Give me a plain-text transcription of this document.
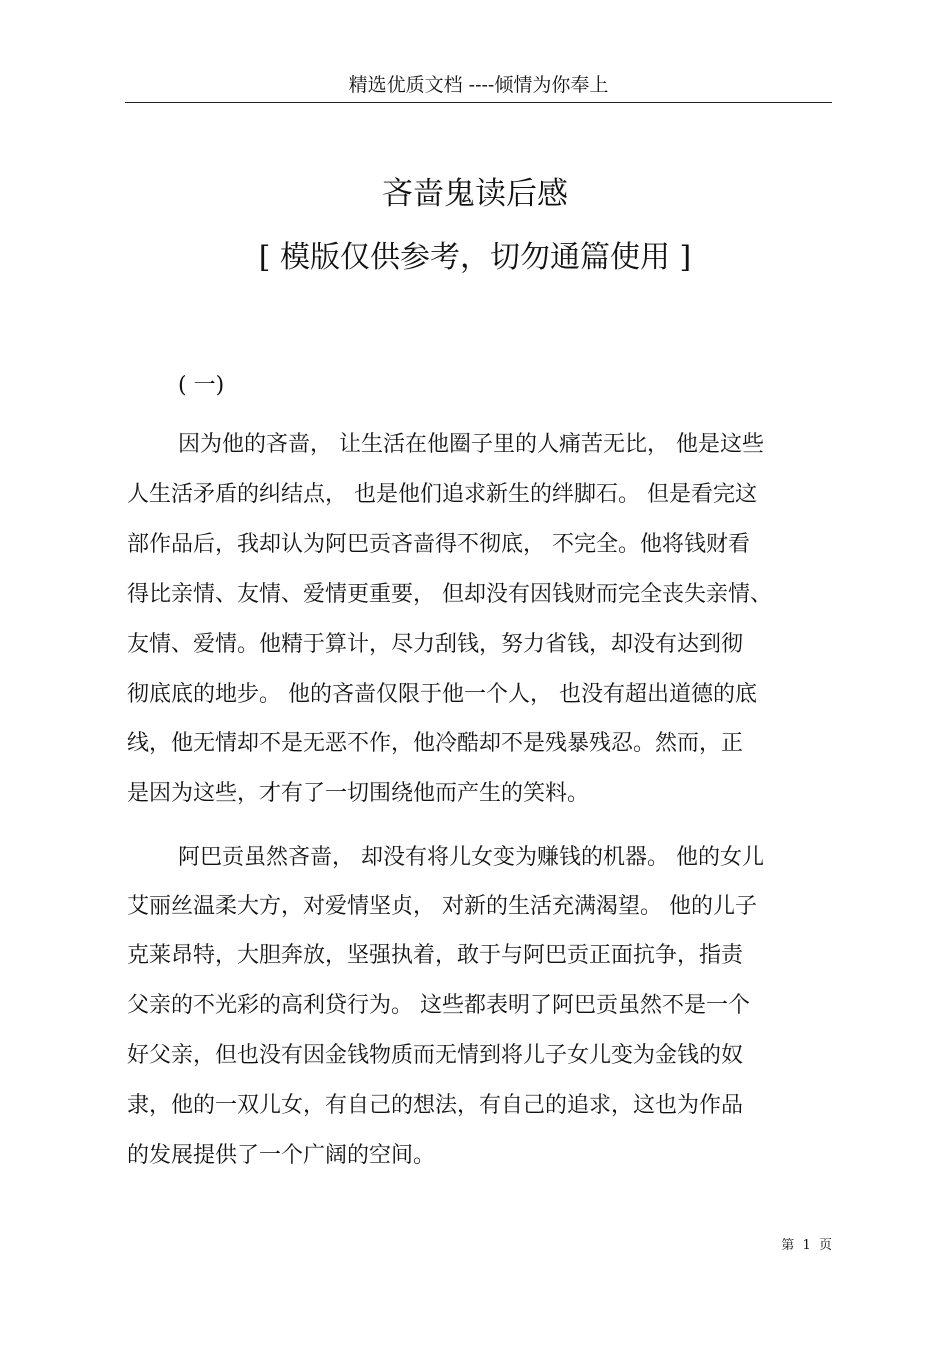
精选优质文档 ----倾情为你奉上
吝啬鬼读后感
[ 模版仅供参考，切勿通篇使用 ]
( 一)
因为他的吝啬， 让生活在他圈子里的人痛苦无比， 他是这些
人生活矛盾的纠结点， 也是他们追求新生的绊脚石。 但是看完这
部作品后，我却认为阿巴贡吝啬得不彻底， 不完全。他将钱财看
得比亲情、友情、爱情更重要， 但却没有因钱财而完全丧失亲情、
友情、爱情。他精于算计，尽力刮钱，努力省钱，却没有达到彻
彻底底的地步。 他的吝啬仅限于他一个人， 也没有超出道德的底
线，他无情却不是无恶不作，他冷酷却不是残暴残忍。然而，正
是因为这些，才有了一切围绕他而产生的笑料。
阿巴贡虽然吝啬， 却没有将儿女变为赚钱的机器。 他的女儿
艾丽丝温柔大方，对爱情坚贞， 对新的生活充满渴望。 他的儿子
克莱昂特，大胆奔放，坚强执着，敢于与阿巴贡正面抗争，指责
父亲的不光彩的高利贷行为。 这些都表明了阿巴贡虽然不是一个
好父亲，但也没有因金钱物质而无情到将儿子女儿变为金钱的奴
隶，他的一双儿女，有自己的想法，有自己的追求，这也为作品
的发展提供了一个广阔的空间。
第  1  页
